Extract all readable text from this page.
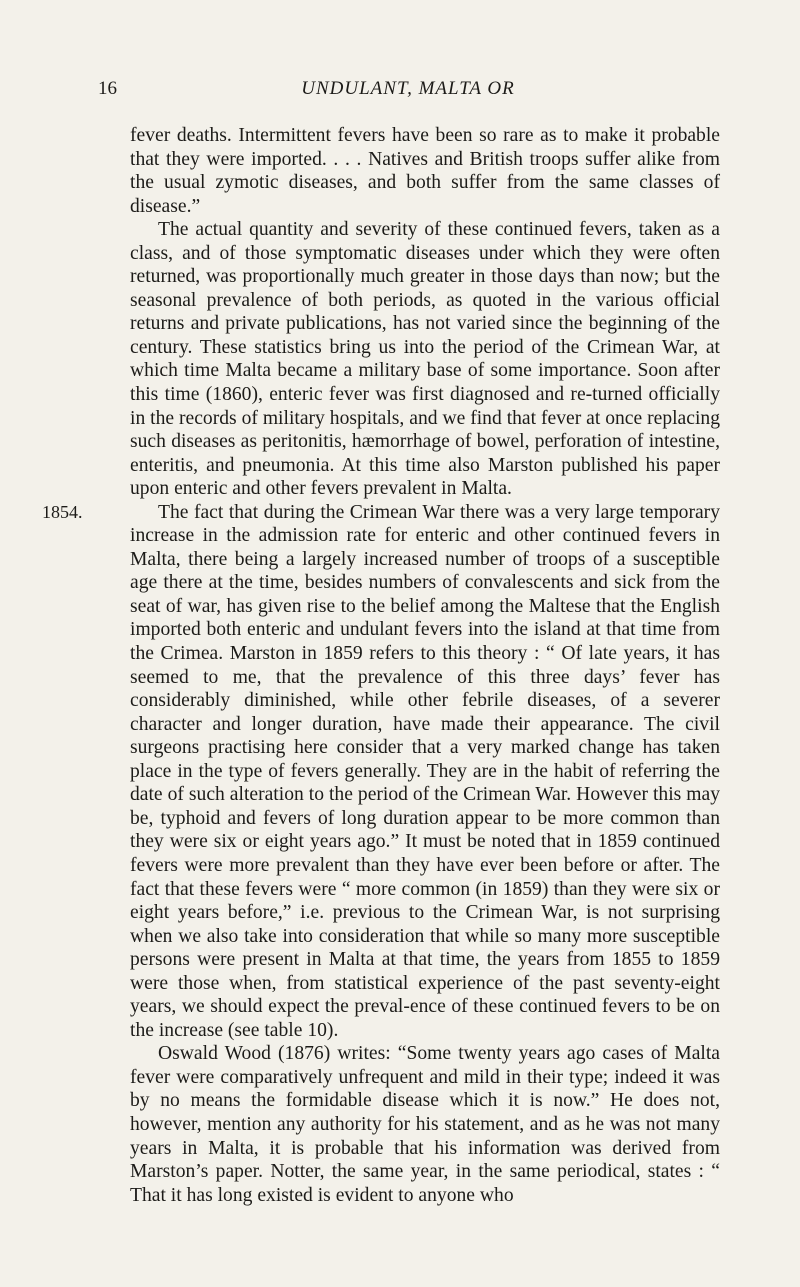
16	UNDULANT, MALTA OR

fever deaths. Intermittent fevers have been so rare as to make it probable that they were imported. . . . Natives and British troops suffer alike from the usual zymotic diseases, and both suffer from the same classes of disease.”

The actual quantity and severity of these continued fevers, taken as a class, and of those symptomatic diseases under which they were often returned, was proportionally much greater in those days than now; but the seasonal prevalence of both periods, as quoted in the various official returns and private publications, has not varied since the beginning of the century. These statistics bring us into the period of the Crimean War, at which time Malta became a military base of some importance. Soon after this time (1860), enteric fever was first diagnosed and re-turned officially in the records of military hospitals, and we find that fever at once replacing such diseases as peritonitis, hæmorrhage of bowel, perforation of intestine, enteritis, and pneumonia. At this time also Marston published his paper upon enteric and other fevers prevalent in Malta.

1854.	The fact that during the Crimean War there was a very large temporary increase in the admission rate for enteric and other continued fevers in Malta, there being a largely increased number of troops of a susceptible age there at the time, besides numbers of convalescents and sick from the seat of war, has given rise to the belief among the Maltese that the English imported both enteric and undulant fevers into the island at that time from the Crimea. Marston in 1859 refers to this theory : “ Of late years, it has seemed to me, that the prevalence of this three days’ fever has considerably diminished, while other febrile diseases, of a severer character and longer duration, have made their appearance. The civil surgeons practising here consider that a very marked change has taken place in the type of fevers generally. They are in the habit of referring the date of such alteration to the period of the Crimean War. However this may be, typhoid and fevers of long duration appear to be more common than they were six or eight years ago.” It must be noted that in 1859 continued fevers were more prevalent than they have ever been before or after. The fact that these fevers were “ more common (in 1859) than they were six or eight years before,” i.e. previous to the Crimean War, is not surprising when we also take into consideration that while so many more susceptible persons were present in Malta at that time, the years from 1855 to 1859 were those when, from statistical experience of the past seventy-eight years, we should expect the preval-ence of these continued fevers to be on the increase (see table 10).

Oswald Wood (1876) writes: “Some twenty years ago cases of Malta fever were comparatively unfrequent and mild in their type; indeed it was by no means the formidable disease which it is now.” He does not, however, mention any authority for his statement, and as he was not many years in Malta, it is probable that his information was derived from Marston’s paper. Notter, the same year, in the same periodical, states : “ That it has long existed is evident to anyone who
